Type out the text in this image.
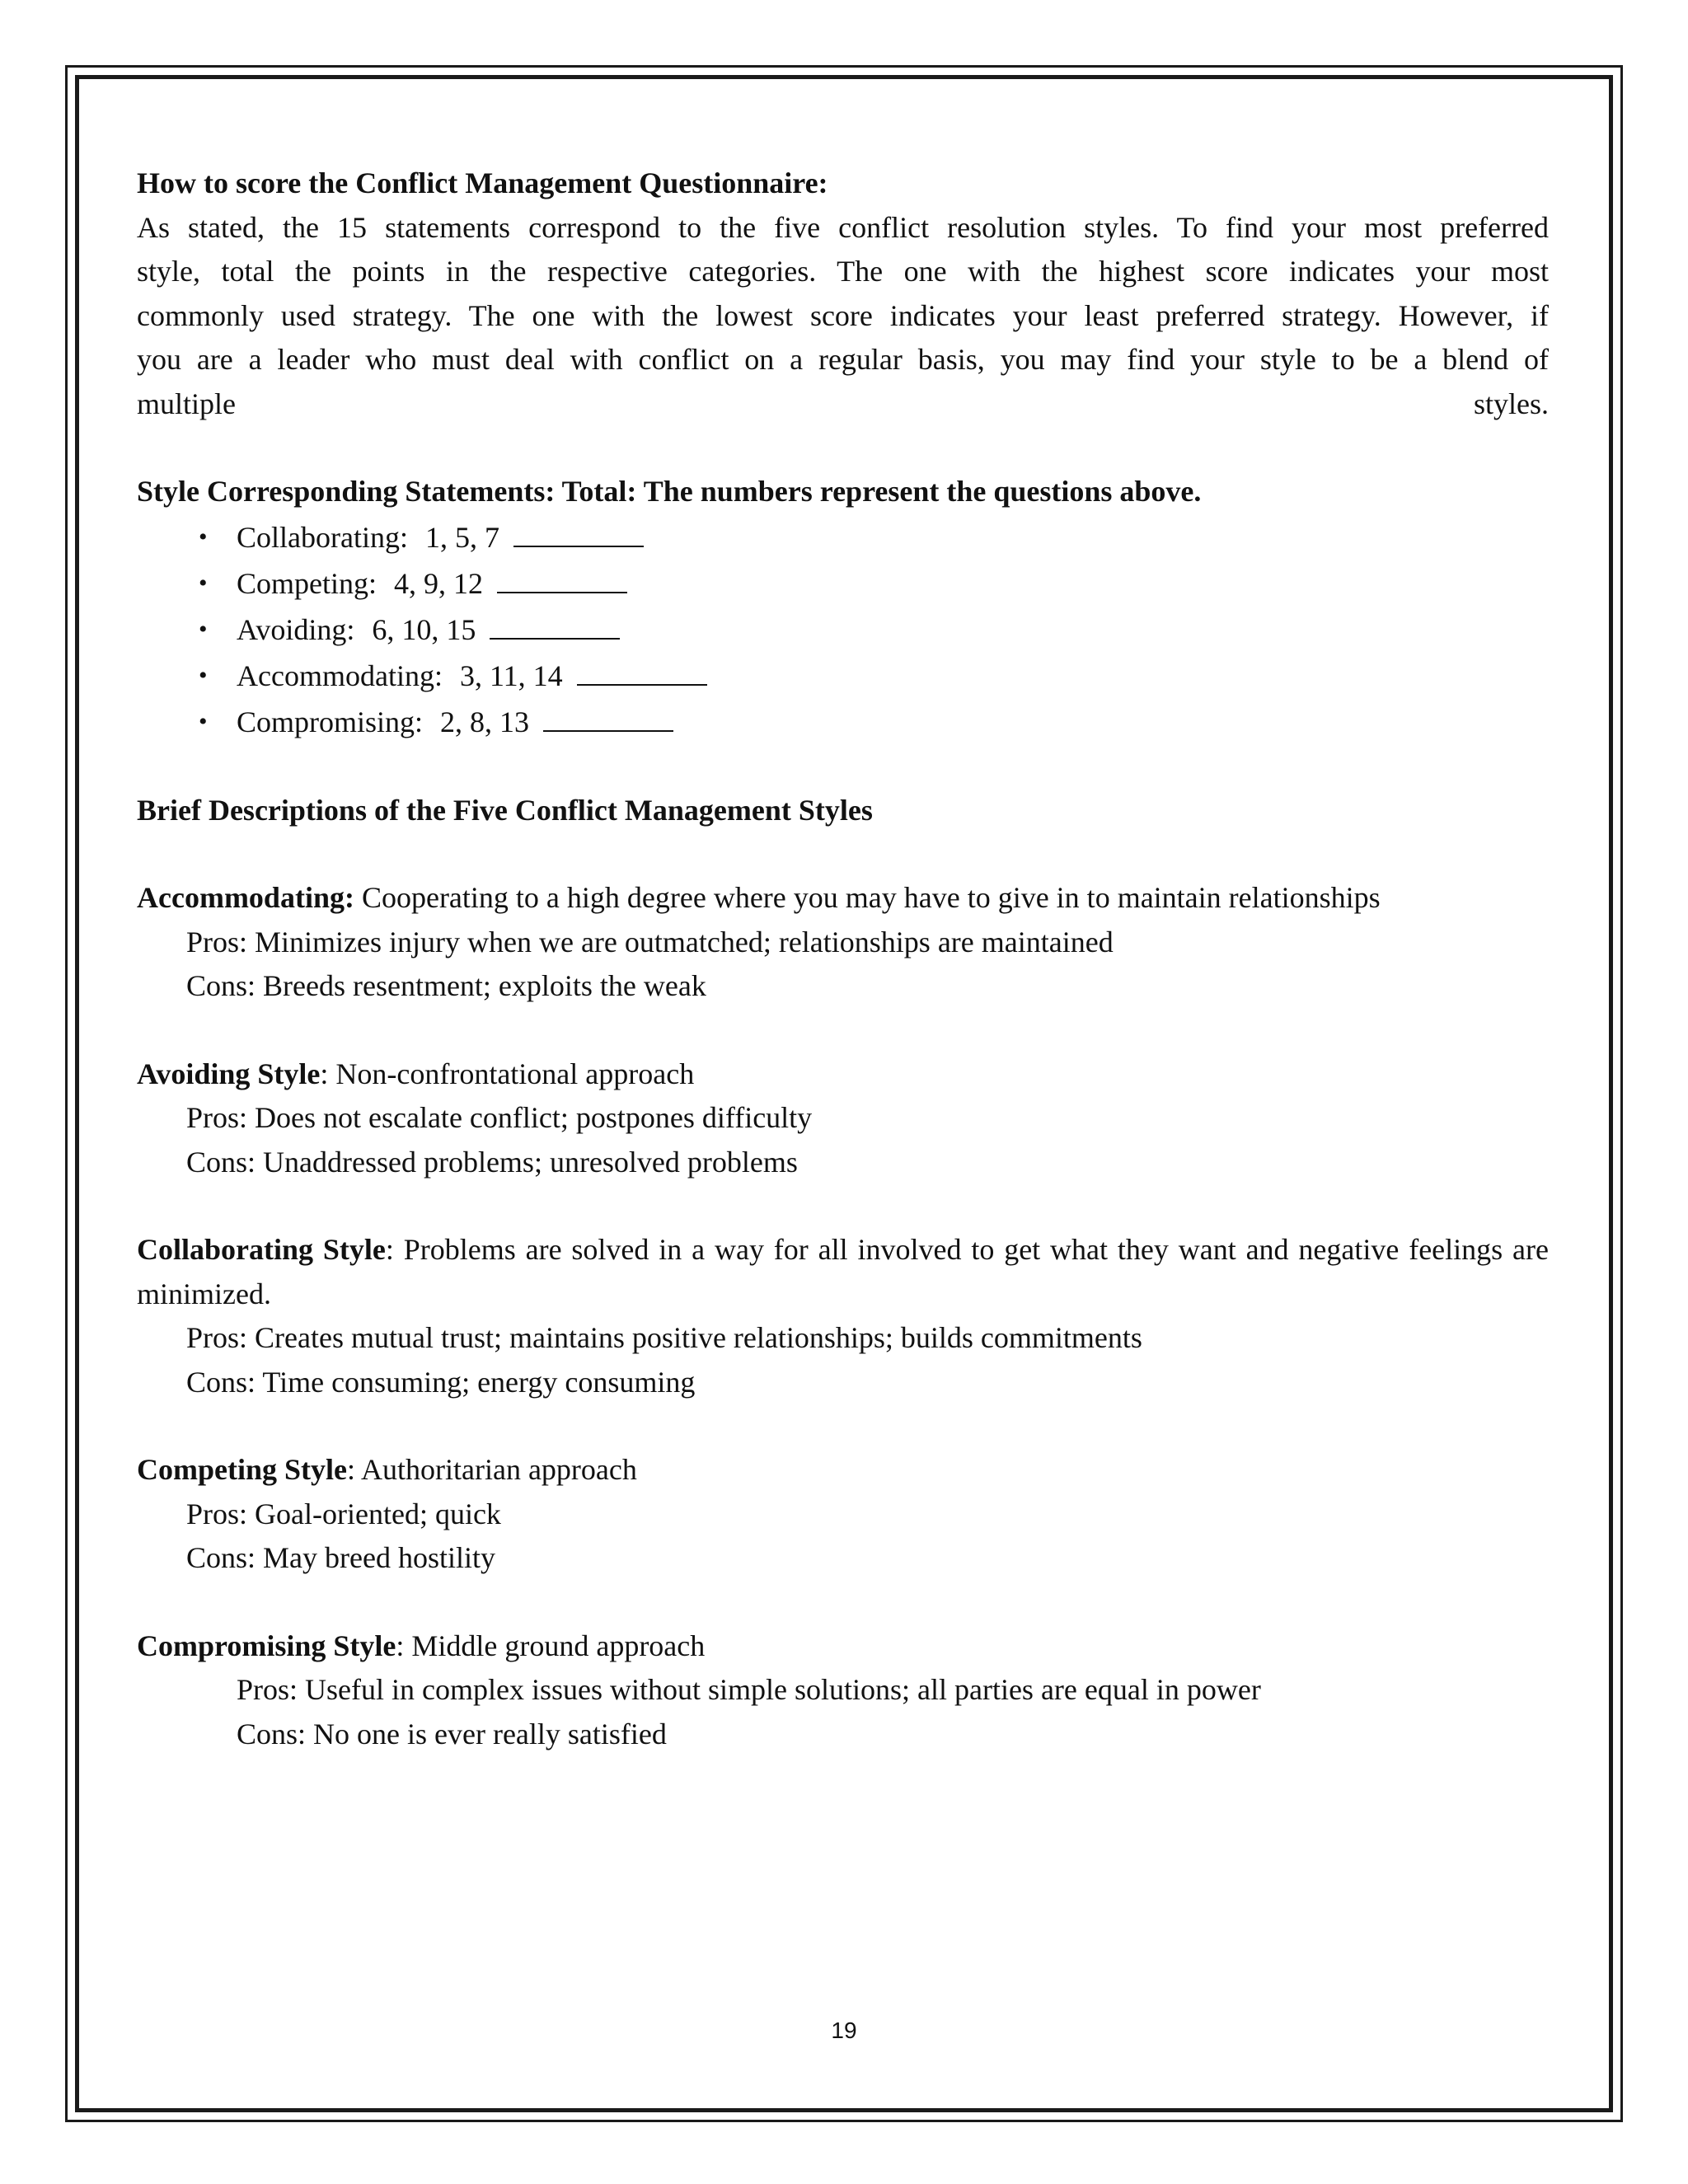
How to score the Conflict Management Questionnaire:

As stated, the 15 statements correspond to the five conflict resolution styles. To find your most preferred

style, total the points in the respective categories. The one with the highest score indicates your most

commonly used strategy. The one with the lowest score indicates your least preferred strategy. However, if

you are a leader who must deal with conflict on a regular basis, you may find your style to be a blend of

multiple	styles.

Style Corresponding Statements: Total: The numbers represent the questions above.

• Collaborating: 1, 5, 7
• Competing: 4, 9, 12
• Avoiding: 6, 10, 15
• Accommodating: 3, 11, 14
• Compromising: 2, 8, 13

Brief Descriptions of the Five Conflict Management Styles

Accommodating: Cooperating to a high degree where you may have to give in to maintain relationships

Pros: Minimizes injury when we are outmatched; relationships are maintained

Cons: Breeds resentment; exploits the weak

Avoiding Style: Non-confrontational approach

Pros: Does not escalate conflict; postpones difficulty

Cons: Unaddressed problems; unresolved problems

Collaborating Style: Problems are solved in a way for all involved to get what they want and negative feelings are minimized.

Pros: Creates mutual trust; maintains positive relationships; builds commitments

Cons: Time consuming; energy consuming

Competing Style: Authoritarian approach

Pros: Goal-oriented; quick

Cons: May breed hostility

Compromising Style: Middle ground approach

Pros: Useful in complex issues without simple solutions; all parties are equal in power

Cons: No one is ever really satisfied

19
